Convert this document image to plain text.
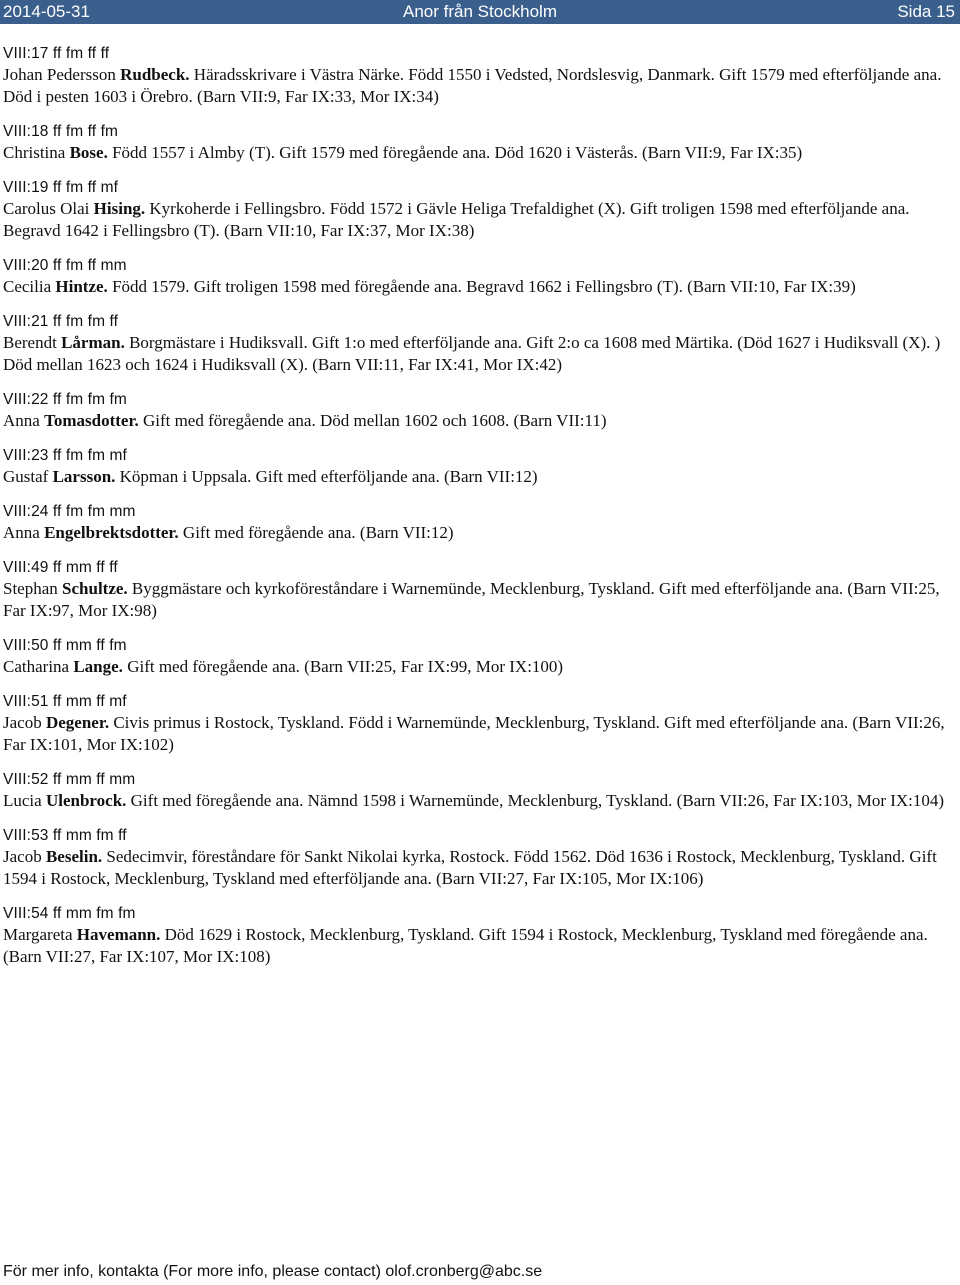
2014-05-31	Anor från Stockholm	Sida 15
VIII:17 ff fm ff ff
Johan Pedersson Rudbeck. Häradsskrivare i Västra Närke. Född 1550 i Vedsted, Nordslesvig, Danmark. Gift 1579 med efterföljande ana. Död i pesten 1603 i Örebro. (Barn VII:9, Far IX:33, Mor IX:34)
VIII:18 ff fm ff fm
Christina Bose. Född 1557 i Almby (T). Gift 1579 med föregående ana. Död 1620 i Västerås. (Barn VII:9, Far IX:35)
VIII:19 ff fm ff mf
Carolus Olai Hising. Kyrkoherde i Fellingsbro. Född 1572 i Gävle Heliga Trefaldighet (X). Gift troligen 1598 med efterföljande ana. Begravd 1642 i Fellingsbro (T). (Barn VII:10, Far IX:37, Mor IX:38)
VIII:20 ff fm ff mm
Cecilia Hintze. Född 1579. Gift troligen 1598 med föregående ana. Begravd 1662 i Fellingsbro (T). (Barn VII:10, Far IX:39)
VIII:21 ff fm fm ff
Berendt Lårman. Borgmästare i Hudiksvall. Gift 1:o med efterföljande ana. Gift 2:o ca 1608 med Märtika. (Död 1627 i Hudiksvall (X). ) Död mellan 1623 och 1624 i Hudiksvall (X). (Barn VII:11, Far IX:41, Mor IX:42)
VIII:22 ff fm fm fm
Anna Tomasdotter. Gift med föregående ana. Död mellan 1602 och 1608. (Barn VII:11)
VIII:23 ff fm fm mf
Gustaf Larsson. Köpman i Uppsala. Gift med efterföljande ana. (Barn VII:12)
VIII:24 ff fm fm mm
Anna Engelbrektsdotter. Gift med föregående ana. (Barn VII:12)
VIII:49 ff mm ff ff
Stephan Schultze. Byggmästare och kyrkoföreståndare i Warnemünde, Mecklenburg, Tyskland. Gift med efterföljande ana. (Barn VII:25, Far IX:97, Mor IX:98)
VIII:50 ff mm ff fm
Catharina Lange. Gift med föregående ana. (Barn VII:25, Far IX:99, Mor IX:100)
VIII:51 ff mm ff mf
Jacob Degener. Civis primus i Rostock, Tyskland. Född i Warnemünde, Mecklenburg, Tyskland. Gift med efterföljande ana. (Barn VII:26, Far IX:101, Mor IX:102)
VIII:52 ff mm ff mm
Lucia Ulenbrock. Gift med föregående ana. Nämnd 1598 i Warnemünde, Mecklenburg, Tyskland. (Barn VII:26, Far IX:103, Mor IX:104)
VIII:53 ff mm fm ff
Jacob Beselin. Sedecimvir, föreståndare för Sankt Nikolai kyrka, Rostock. Född 1562. Död 1636 i Rostock, Mecklenburg, Tyskland. Gift 1594 i Rostock, Mecklenburg, Tyskland med efterföljande ana. (Barn VII:27, Far IX:105, Mor IX:106)
VIII:54 ff mm fm fm
Margareta Havemann. Död 1629 i Rostock, Mecklenburg, Tyskland. Gift 1594 i Rostock, Mecklenburg, Tyskland med föregående ana. (Barn VII:27, Far IX:107, Mor IX:108)
För mer info, kontakta (For more info, please contact) olof.cronberg@abc.se
